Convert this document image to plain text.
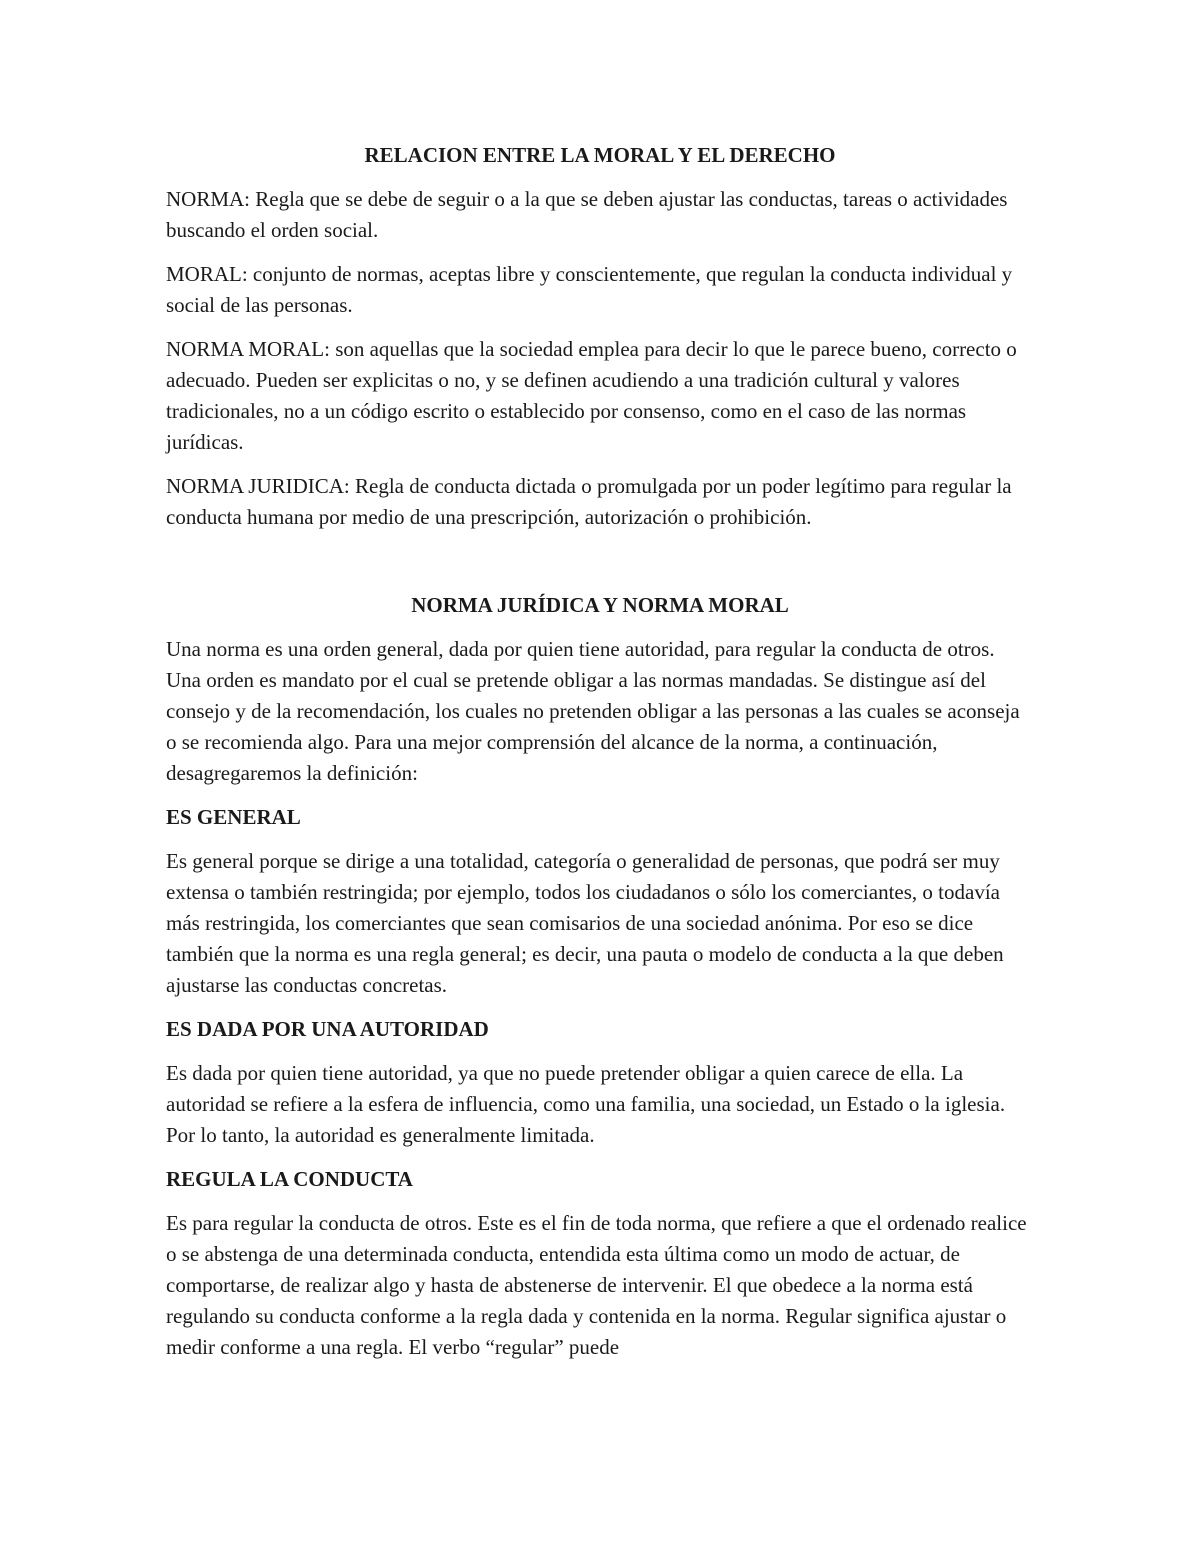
RELACION ENTRE LA MORAL Y EL DERECHO

NORMA: Regla que se debe de seguir o a la que se deben ajustar las conductas, tareas o actividades buscando el orden social.

MORAL: conjunto de normas, aceptas libre y conscientemente, que regulan la conducta individual y social de las personas.

NORMA MORAL: son aquellas que la sociedad emplea para decir lo que le parece bueno, correcto o adecuado. Pueden ser explicitas o no, y se definen acudiendo a una tradición cultural y valores tradicionales, no a un código escrito o establecido por consenso, como en el caso de las normas jurídicas.

NORMA JURIDICA: Regla de conducta dictada o promulgada por un poder legítimo para regular la conducta humana por medio de una prescripción, autorización o prohibición.

NORMA JURÍDICA Y NORMA MORAL

Una norma es una orden general, dada por quien tiene autoridad, para regular la conducta de otros. Una orden es mandato por el cual se pretende obligar a las normas mandadas. Se distingue así del consejo y de la recomendación, los cuales no pretenden obligar a las personas a las cuales se aconseja o se recomienda algo. Para una mejor comprensión del alcance de la norma, a continuación, desagregaremos la definición:

ES GENERAL

Es general porque se dirige a una totalidad, categoría o generalidad de personas, que podrá ser muy extensa o también restringida; por ejemplo, todos los ciudadanos o sólo los comerciantes, o todavía más restringida, los comerciantes que sean comisarios de una sociedad anónima. Por eso se dice también que la norma es una regla general; es decir, una pauta o modelo de conducta a la que deben ajustarse las conductas concretas.

ES DADA POR UNA AUTORIDAD

Es dada por quien tiene autoridad, ya que no puede pretender obligar a quien carece de ella. La autoridad se refiere a la esfera de influencia, como una familia, una sociedad, un Estado o la iglesia. Por lo tanto, la autoridad es generalmente limitada.

REGULA LA CONDUCTA

Es para regular la conducta de otros. Este es el fin de toda norma, que refiere a que el ordenado realice o se abstenga de una determinada conducta, entendida esta última como un modo de actuar, de comportarse, de realizar algo y hasta de abstenerse de intervenir. El que obedece a la norma está regulando su conducta conforme a la regla dada y contenida en la norma. Regular significa ajustar o medir conforme a una regla. El verbo “regular” puede
